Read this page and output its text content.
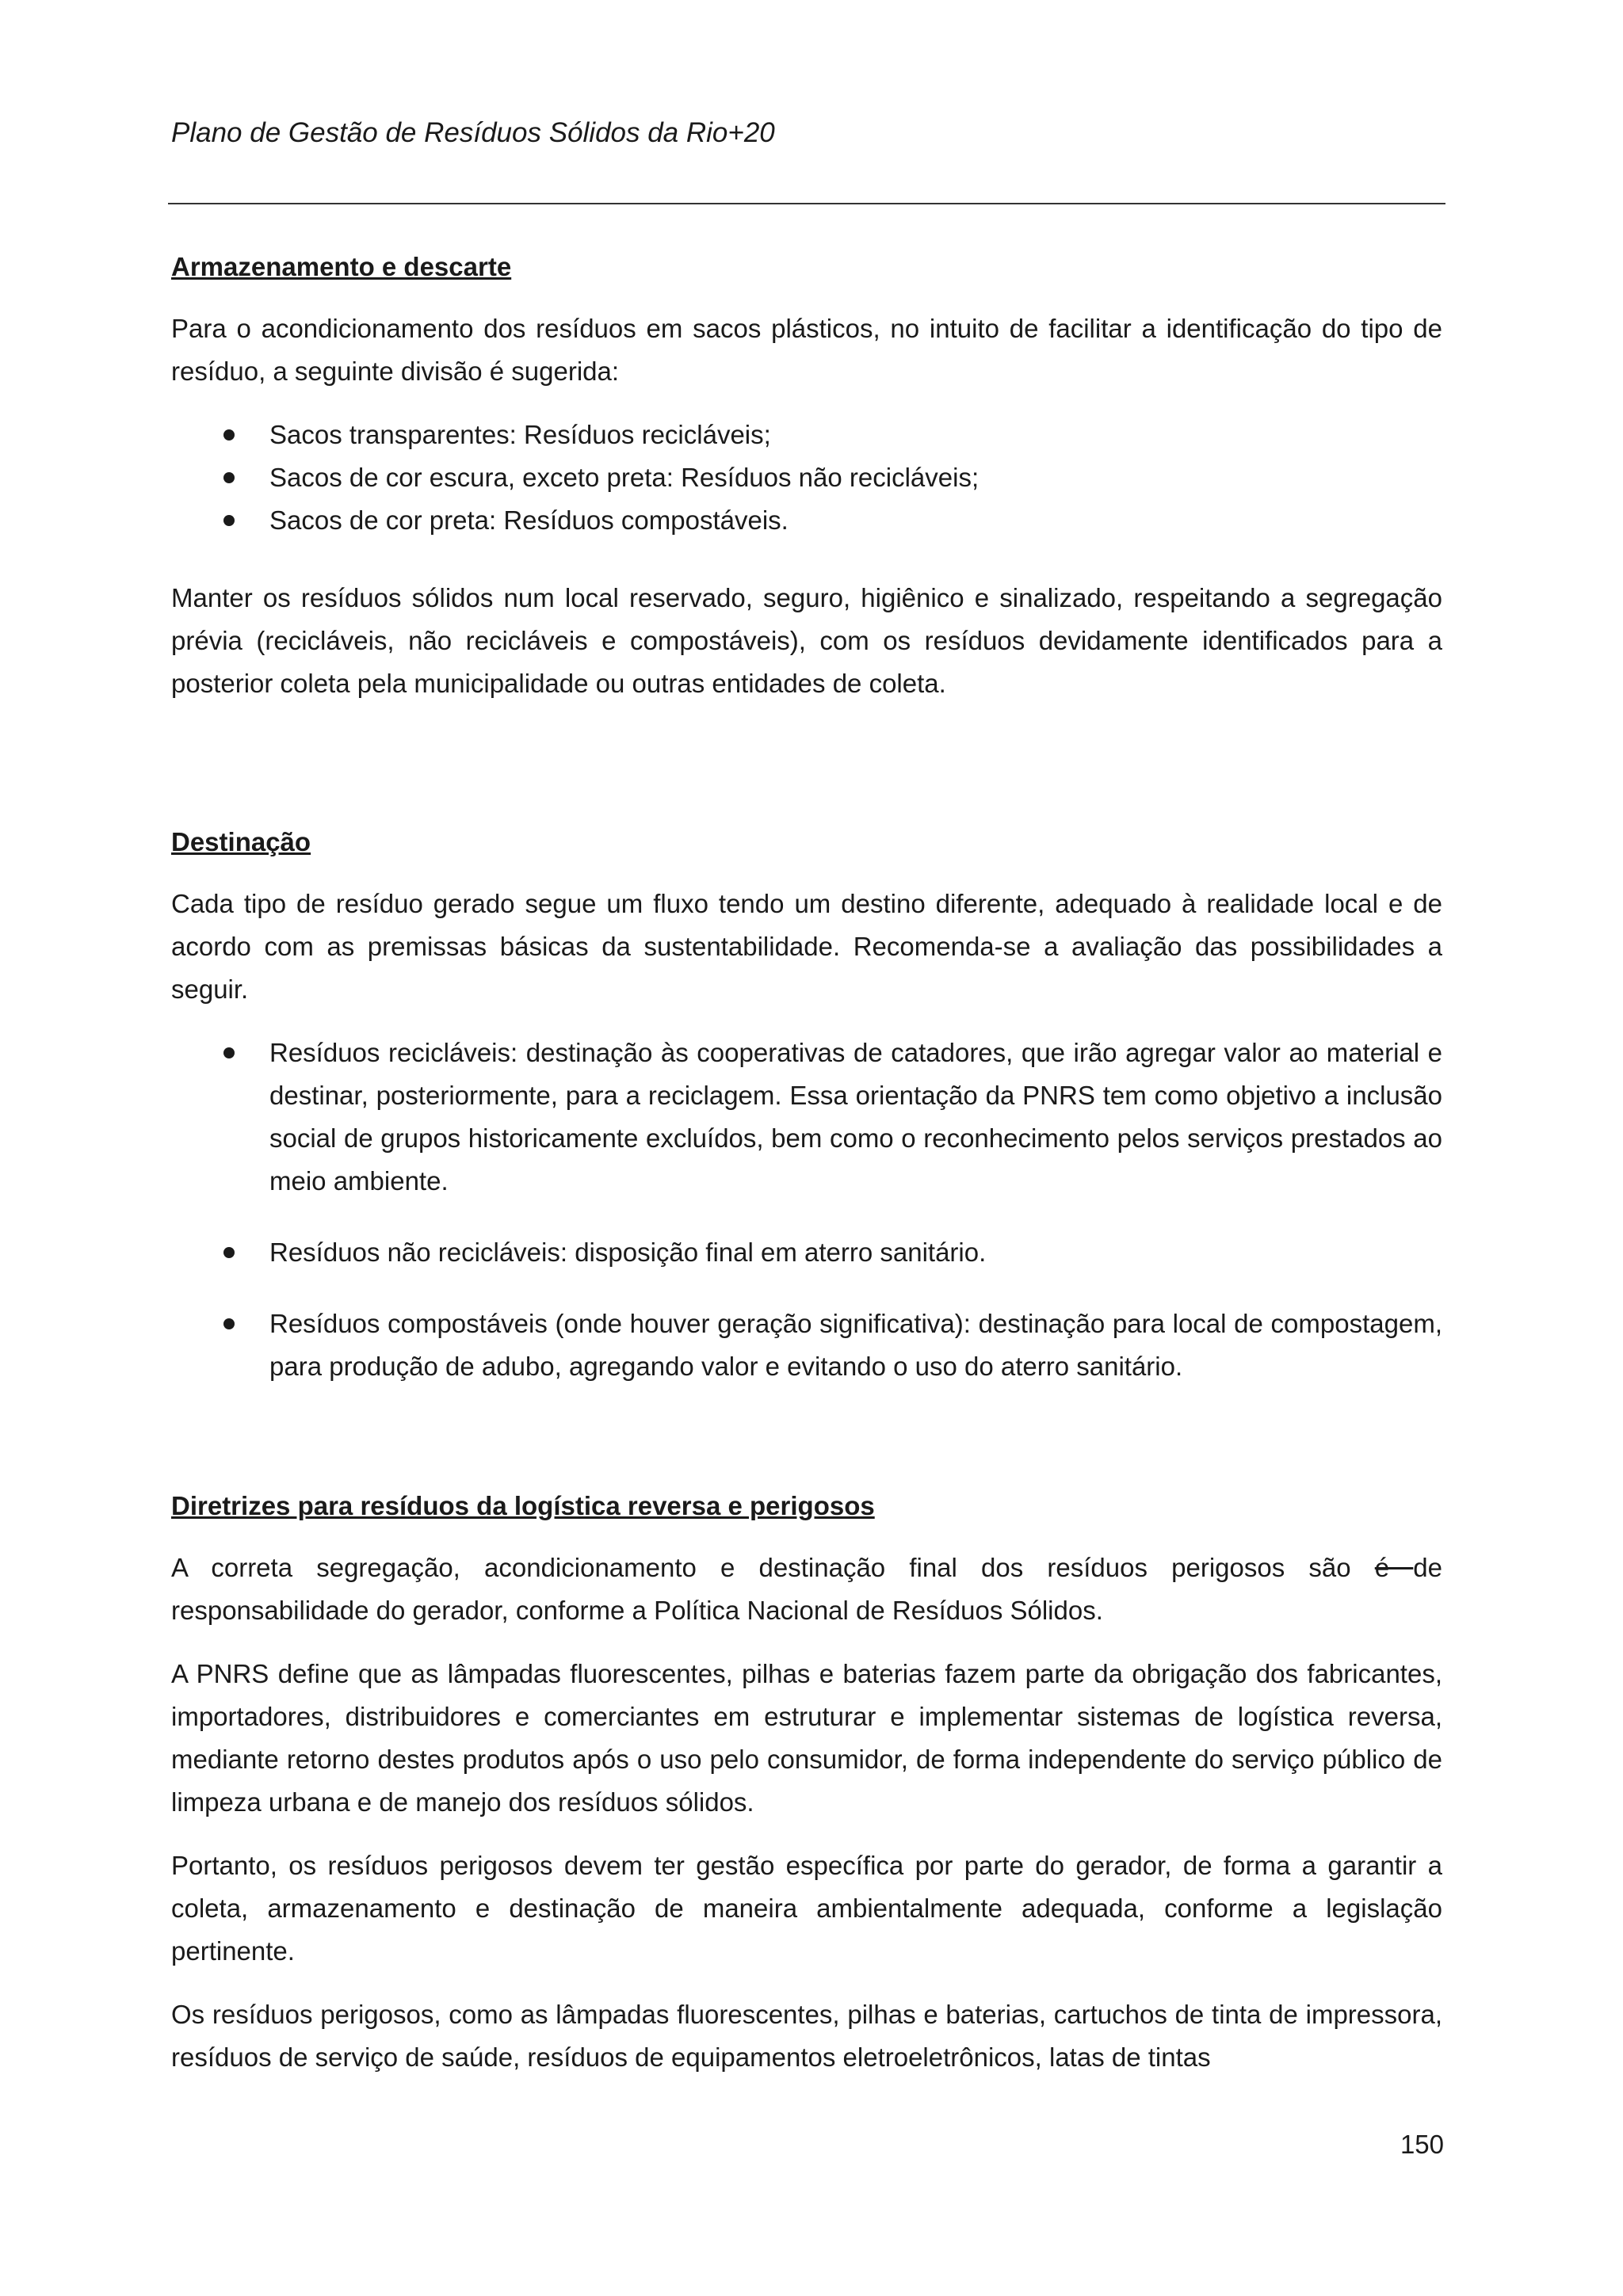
Plano de Gestão de Resíduos Sólidos da Rio+20
Armazenamento e descarte

Para o acondicionamento dos resíduos em sacos plásticos, no intuito de facilitar a identificação do tipo de resíduo, a seguinte divisão é sugerida:

Sacos transparentes: Resíduos recicláveis;
Sacos de cor escura, exceto preta: Resíduos não recicláveis;
Sacos de cor preta: Resíduos compostáveis.

Manter os resíduos sólidos num local reservado, seguro, higiênico e sinalizado, respeitando a segregação prévia (recicláveis, não recicláveis e compostáveis), com os resíduos devidamente identificados para a posterior coleta pela municipalidade ou outras entidades de coleta.

Destinação

Cada tipo de resíduo gerado segue um fluxo tendo um destino diferente, adequado à realidade local e de acordo com as premissas básicas da sustentabilidade. Recomenda-se a avaliação das possibilidades a seguir.

Resíduos recicláveis: destinação às cooperativas de catadores, que irão agregar valor ao material e destinar, posteriormente, para a reciclagem. Essa orientação da PNRS tem como objetivo a inclusão social de grupos historicamente excluídos, bem como o reconhecimento pelos serviços prestados ao meio ambiente.
Resíduos não recicláveis: disposição final em aterro sanitário.
Resíduos compostáveis (onde houver geração significativa): destinação para local de compostagem, para produção de adubo, agregando valor e evitando o uso do aterro sanitário.
Diretrizes para resíduos da logística reversa e perigosos

A correta segregação, acondicionamento e destinação final dos resíduos perigosos são é de responsabilidade do gerador, conforme a Política Nacional de Resíduos Sólidos.

A PNRS define que as lâmpadas fluorescentes, pilhas e baterias fazem parte da obrigação dos fabricantes, importadores, distribuidores e comerciantes em estruturar e implementar sistemas de logística reversa, mediante retorno destes produtos após o uso pelo consumidor, de forma independente do serviço público de limpeza urbana e de manejo dos resíduos sólidos.

Portanto, os resíduos perigosos devem ter gestão específica por parte do gerador, de forma a garantir a coleta, armazenamento e destinação de maneira ambientalmente adequada, conforme a legislação pertinente.

Os resíduos perigosos, como as lâmpadas fluorescentes, pilhas e baterias, cartuchos de tinta de impressora, resíduos de serviço de saúde, resíduos de equipamentos eletroeletrônicos, latas de tintas

150
